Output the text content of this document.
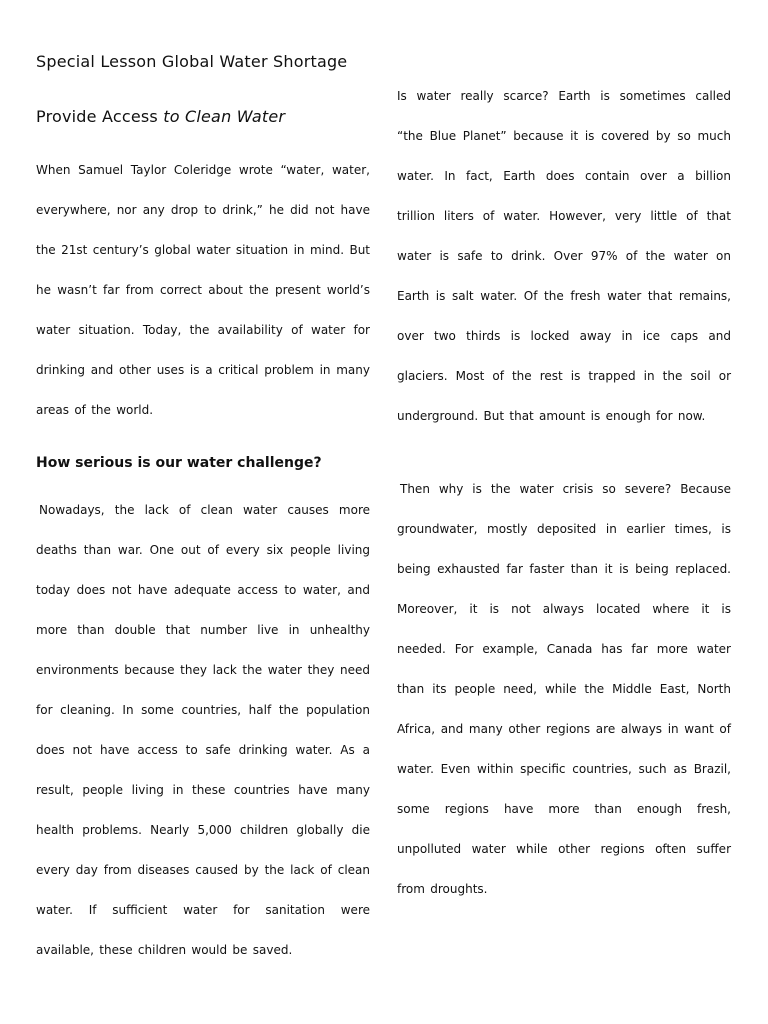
Special Lesson Global Water Shortage
Provide Access to Clean Water

When Samuel Taylor Coleridge wrote “water, water, everywhere, nor any drop to drink,” he did not have the 21st century’s global water situation in mind. But he wasn’t far from correct about the present world’s water situation. Today, the availability of water for drinking and other uses is a critical problem in many areas of the world.

How serious is our water challenge?

Nowadays, the lack of clean water causes more deaths than war. One out of every six people living today does not have adequate access to water, and more than double that number live in unhealthy environments because they lack the water they need for cleaning. In some countries, half the population does not have access to safe drinking water. As a result, people living in these countries have many health problems. Nearly 5,000 children globally die every day from diseases caused by the lack of clean water. If sufficient water for sanitation were available, these children would be saved.

Is water really scarce? Earth is sometimes called “the Blue Planet” because it is covered by so much water. In fact, Earth does contain over a billion trillion liters of water. However, very little of that water is safe to drink. Over 97% of the water on Earth is salt water. Of the fresh water that remains, over two thirds is locked away in ice caps and glaciers. Most of the rest is trapped in the soil or underground. But that amount is enough for now.

Then why is the water crisis so severe? Because groundwater, mostly deposited in earlier times, is being exhausted far faster than it is being replaced. Moreover, it is not always located where it is needed. For example, Canada has far more water than its people need, while the Middle East, North Africa, and many other regions are always in want of water. Even within specific countries, such as Brazil, some regions have more than enough fresh, unpolluted water while other regions often suffer from droughts.
